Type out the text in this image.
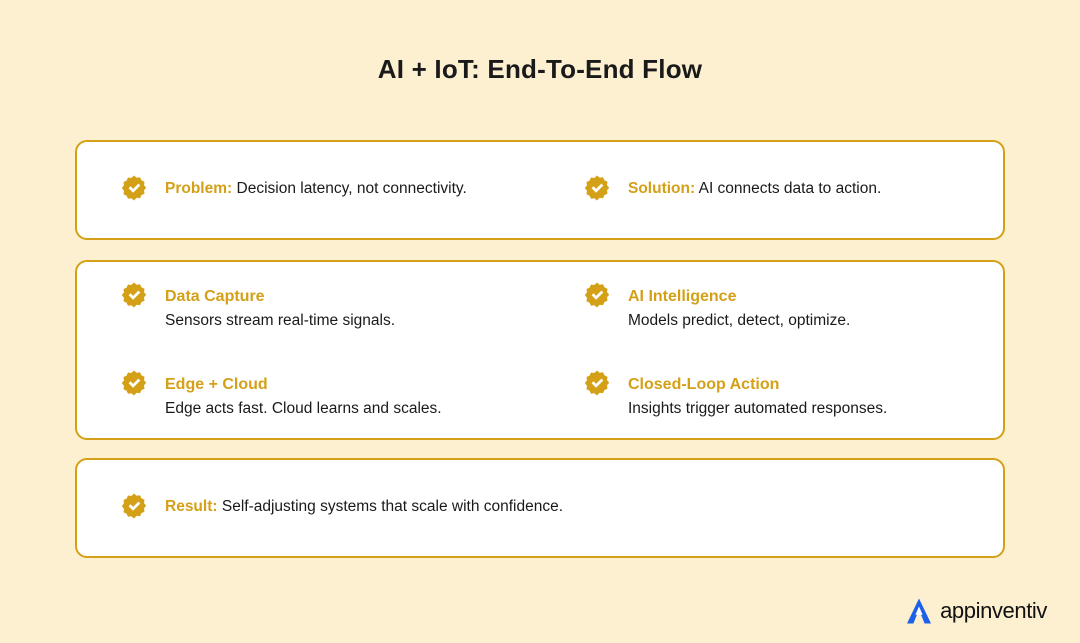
AI + IoT: End-To-End Flow
Problem: Decision latency, not connectivity.	Solution: AI connects data to action.
Data Capture
Sensors stream real-time signals.
AI Intelligence
Models predict, detect, optimize.
Edge + Cloud
Edge acts fast. Cloud learns and scales.
Closed-Loop Action
Insights trigger automated responses.
Result: Self-adjusting systems that scale with confidence.
appinventiv
